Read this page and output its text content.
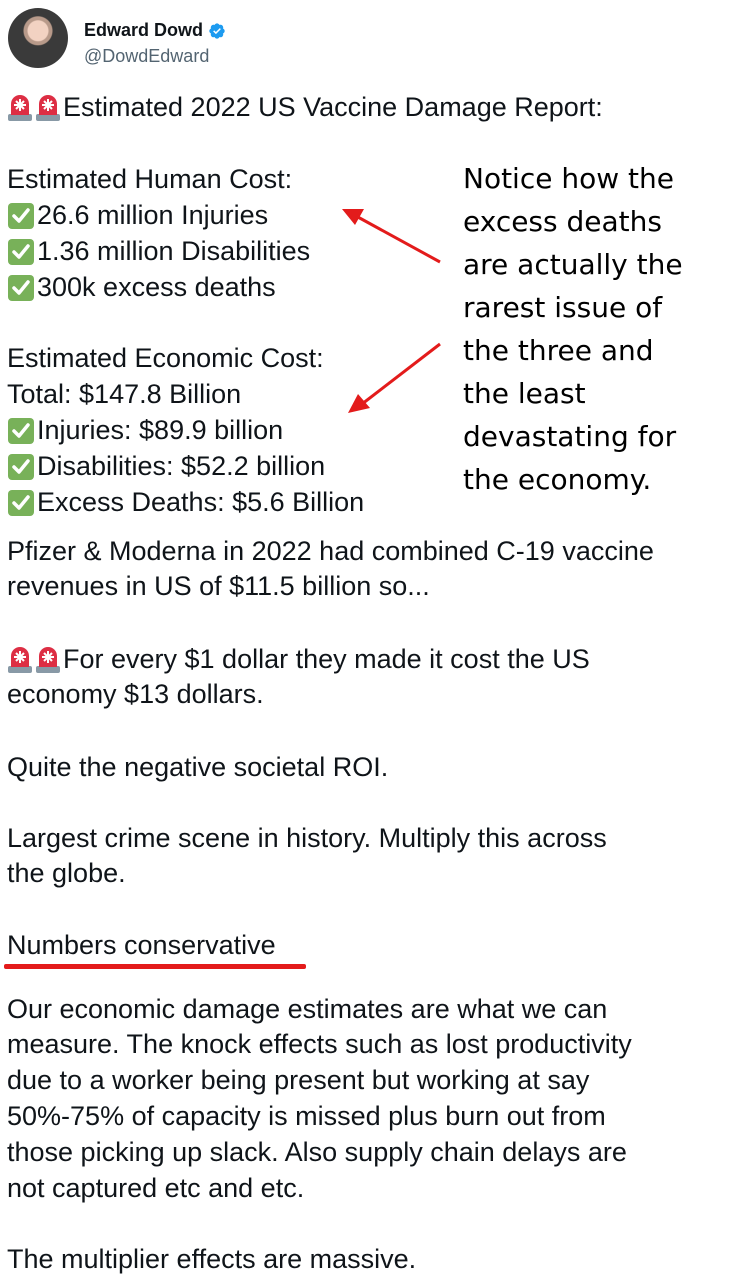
Edward Dowd
@DowdEdward
Estimated 2022 US Vaccine Damage Report:
Estimated Human Cost:
26.6 million Injuries
1.36 million Disabilities
300k excess deaths
Estimated Economic Cost:
Total: $147.8 Billion
Injuries: $89.9 billion
Disabilities: $52.2 billion
Excess Deaths: $5.6 Billion
Notice how the
excess deaths
are actually the
rarest issue of
the three and
the least
devastating for
the economy.
Pfizer & Moderna in 2022 had combined C-19 vaccine
revenues in US of $11.5 billion so...
For every $1 dollar they made it cost the US
economy $13 dollars.
Quite the negative societal ROI.
Largest crime scene in history. Multiply this across
the globe.
Numbers conservative
Our economic damage estimates are what we can
measure. The knock effects such as lost productivity
due to a worker being present but working at say
50%-75% of capacity is missed plus burn out from
those picking up slack. Also supply chain delays are
not captured etc and etc.
The multiplier effects are massive.
